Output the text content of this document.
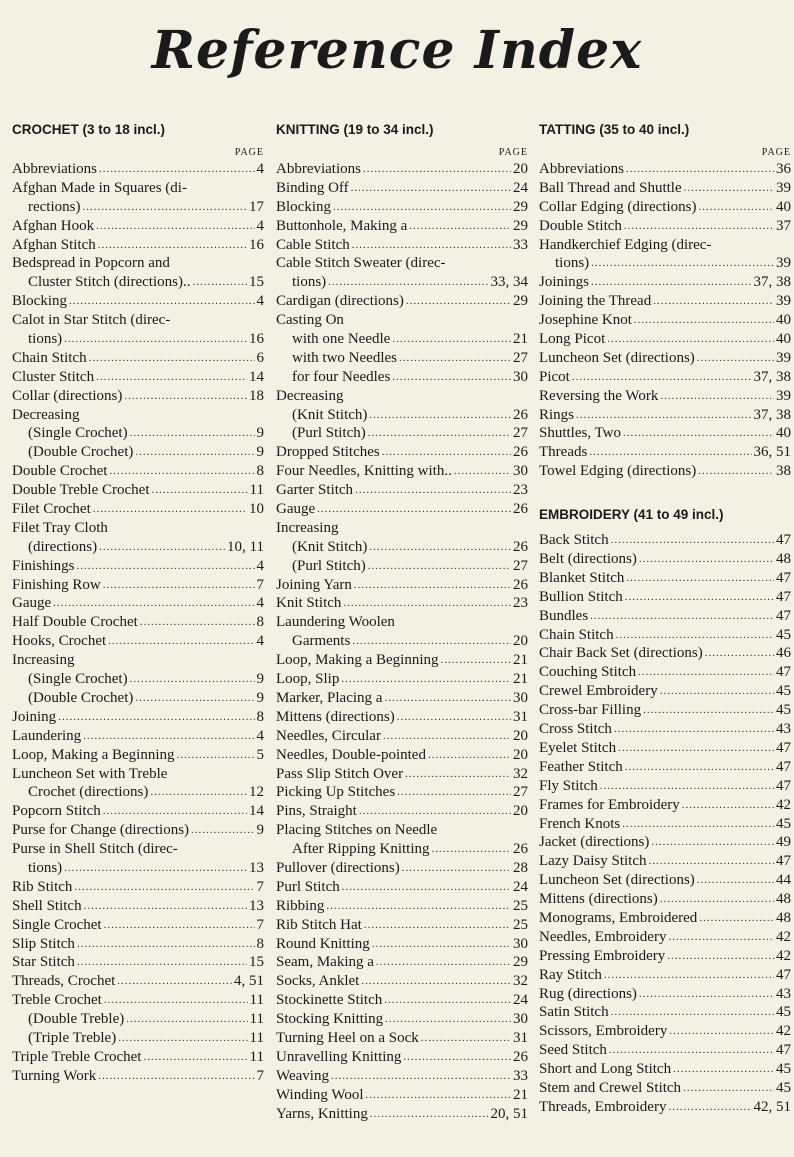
Reference Index
CROCHET (3 to 18 incl.)
PAGE
Abbreviations .....	4
Afghan Made in Squares (di-
rections) .....	17
Afghan Hook .....	4
Afghan Stitch .....	16
Bedspread in Popcorn and
Cluster Stitch (directions).. .....	15
Blocking .....	4
Calot in Star Stitch (direc-
tions) .....	16
Chain Stitch .....	6
Cluster Stitch .....	14
Collar (directions) .....	18
Decreasing
(Single Crochet) .....	9
(Double Crochet) .....	9
Double Crochet .....	8
Double Treble Crochet .....	11
Filet Crochet .....	10
Filet Tray Cloth
(directions) .....	10, 11
Finishings .....	4
Finishing Row .....	7
Gauge .....	4
Half Double Crochet .....	8
Hooks, Crochet .....	4
Increasing
(Single Crochet) .....	9
(Double Crochet) .....	9
Joining .....	8
Laundering .....	4
Loop, Making a Beginning .....	5
Luncheon Set with Treble
Crochet (directions) .....	12
Popcorn Stitch .....	14
Purse for Change (directions) .....	9
Purse in Shell Stitch (direc-
tions) .....	13
Rib Stitch .....	7
Shell Stitch .....	13
Single Crochet .....	7
Slip Stitch .....	8
Star Stitch .....	15
Threads, Crochet .....	4, 51
Treble Crochet .....	11
(Double Treble) .....	11
(Triple Treble) .....	11
Triple Treble Crochet .....	11
Turning Work .....	7
KNITTING (19 to 34 incl.)
PAGE
Abbreviations .....	20
Binding Off .....	24
Blocking .....	29
Buttonhole, Making a .....	29
Cable Stitch .....	33
Cable Stitch Sweater (direc-
tions) .....	33, 34
Cardigan (directions) .....	29
Casting On
with one Needle .....	21
with two Needles .....	27
for four Needles .....	30
Decreasing
(Knit Stitch) .....	26
(Purl Stitch) .....	27
Dropped Stitches .....	26
Four Needles, Knitting with.. .....	30
Garter Stitch .....	23
Gauge .....	26
Increasing
(Knit Stitch) .....	26
(Purl Stitch) .....	27
Joining Yarn .....	26
Knit Stitch .....	23
Laundering Woolen
Garments .....	20
Loop, Making a Beginning .....	21
Loop, Slip .....	21
Marker, Placing a .....	30
Mittens (directions) .....	31
Needles, Circular .....	20
Needles, Double-pointed .....	20
Pass Slip Stitch Over .....	32
Picking Up Stitches .....	27
Pins, Straight .....	20
Placing Stitches on Needle
After Ripping Knitting .....	26
Pullover (directions) .....	28
Purl Stitch .....	24
Ribbing .....	25
Rib Stitch Hat .....	25
Round Knitting .....	30
Seam, Making a .....	29
Socks, Anklet .....	32
Stockinette Stitch .....	24
Stocking Knitting .....	30
Turning Heel on a Sock .....	31
Unravelling Knitting .....	26
Weaving .....	33
Winding Wool .....	21
Yarns, Knitting .....	20, 51
TATTING (35 to 40 incl.)
PAGE
Abbreviations .....	36
Ball Thread and Shuttle .....	39
Collar Edging (directions) .....	40
Double Stitch .....	37
Handkerchief Edging (direc-
tions) .....	39
Joinings .....	37, 38
Joining the Thread .....	39
Josephine Knot .....	40
Long Picot .....	40
Luncheon Set (directions) .....	39
Picot .....	37, 38
Reversing the Work .....	39
Rings .....	37, 38
Shuttles, Two .....	40
Threads .....	36, 51
Towel Edging (directions) .....	38
EMBROIDERY (41 to 49 incl.)
Back Stitch .....	47
Belt (directions) .....	48
Blanket Stitch .....	47
Bullion Stitch .....	47
Bundles .....	47
Chain Stitch .....	45
Chair Back Set (directions) .....	46
Couching Stitch .....	47
Crewel Embroidery .....	45
Cross-bar Filling .....	45
Cross Stitch .....	43
Eyelet Stitch .....	47
Feather Stitch .....	47
Fly Stitch .....	47
Frames for Embroidery .....	42
French Knots .....	45
Jacket (directions) .....	49
Lazy Daisy Stitch .....	47
Luncheon Set (directions) .....	44
Mittens (directions) .....	48
Monograms, Embroidered .....	48
Needles, Embroidery .....	42
Pressing Embroidery .....	42
Ray Stitch .....	47
Rug (directions) .....	43
Satin Stitch .....	45
Scissors, Embroidery .....	42
Seed Stitch .....	47
Short and Long Stitch .....	45
Stem and Crewel Stitch .....	45
Threads, Embroidery .....	42, 51
